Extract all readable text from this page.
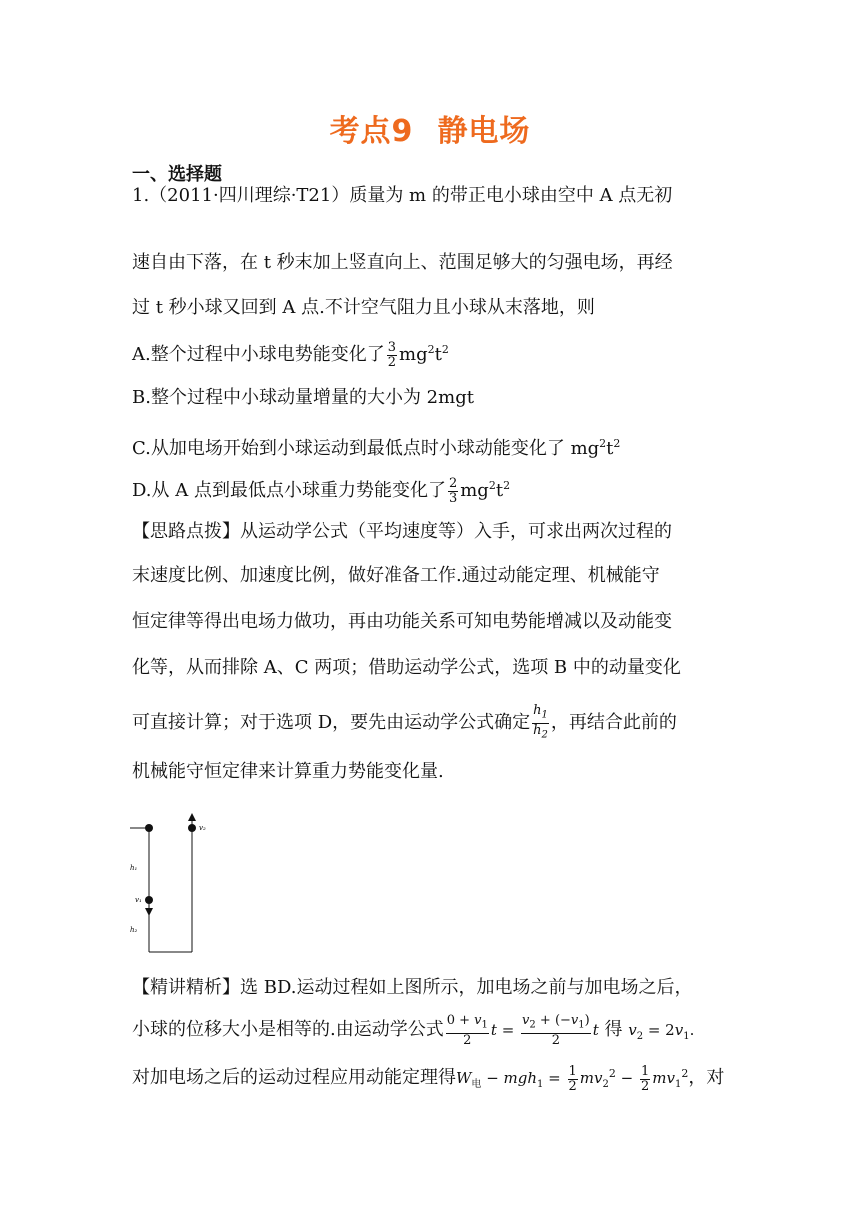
考点9 静电场
一、选择题
1.（2011·四川理综·T21）质量为 m 的带正电小球由空中 A 点无初
速自由下落，在 t 秒末加上竖直向上、范围足够大的匀强电场，再经
过 t 秒小球又回到 A 点.不计空气阻力且小球从末落地，则
A.整个过程中小球电势能变化了 $\frac{3}{2} mg^2t^2$
B.整个过程中小球动量增量的大小为 2mgt
C.从加电场开始到小球运动到最低点时小球动能变化了 $mg^2t^2$
D.从 A 点到最低点小球重力势能变化了 $\frac{2}{3} mg^2t^2$
【思路点拨】从运动学公式（平均速度等）入手，可求出两次过程的
末速度比例、加速度比例，做好准备工作.通过动能定理、机械能守
恒定律等得出电场力做功，再由功能关系可知电势能增减以及动能变
化等，从而排除 A、C 两项；借助运动学公式，选项 B 中的动量变化
可直接计算；对于选项 D，要先由运动学公式确定 $\frac{h_1}{h_2}$ ，再结合此前的
机械能守恒定律来计算重力势能变化量.
v₂
h₁
v₁
h₂
【精讲精析】选 BD.运动过程如上图所示，加电场之前与加电场之后，
小球的位移大小是相等的.由运动学公式 $\frac{0 + v_1}{2}$ $t = \frac{v_2 + (-v_1)}{2}$ t 得 $v_2 = 2v_1$.
对加电场之后的运动过程应用动能定理得$W_电 - mgh_1 = \frac{1}{2} mv_2^2 - \frac{1}{2} mv_1^2$，对
